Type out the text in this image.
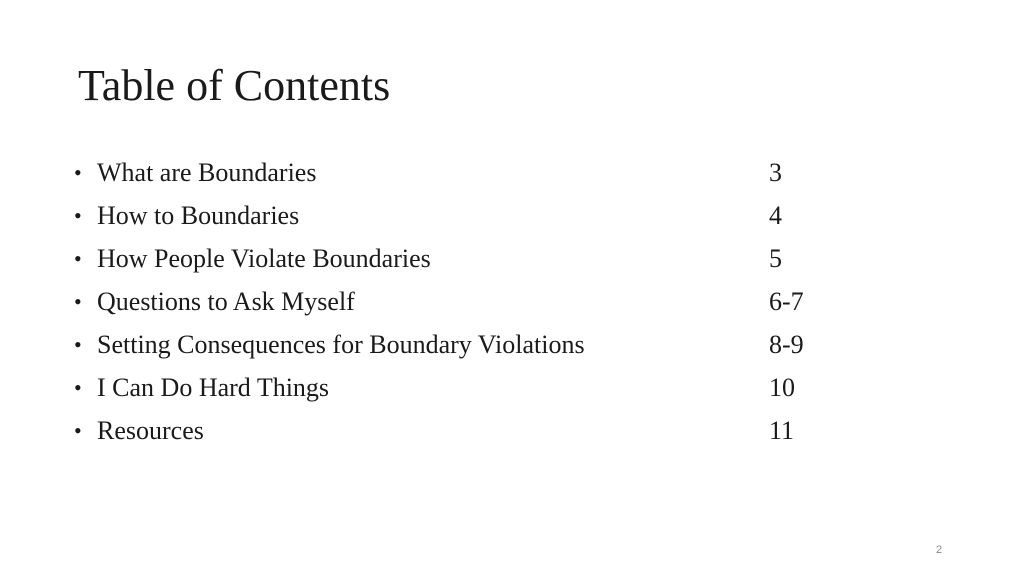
Table of Contents
• What are Boundaries	3
• How to Boundaries	4
• How People Violate Boundaries	5
• Questions to Ask Myself	6-7
• Setting Consequences for Boundary Violations	8-9
• I Can Do Hard Things	10
• Resources	11
2
